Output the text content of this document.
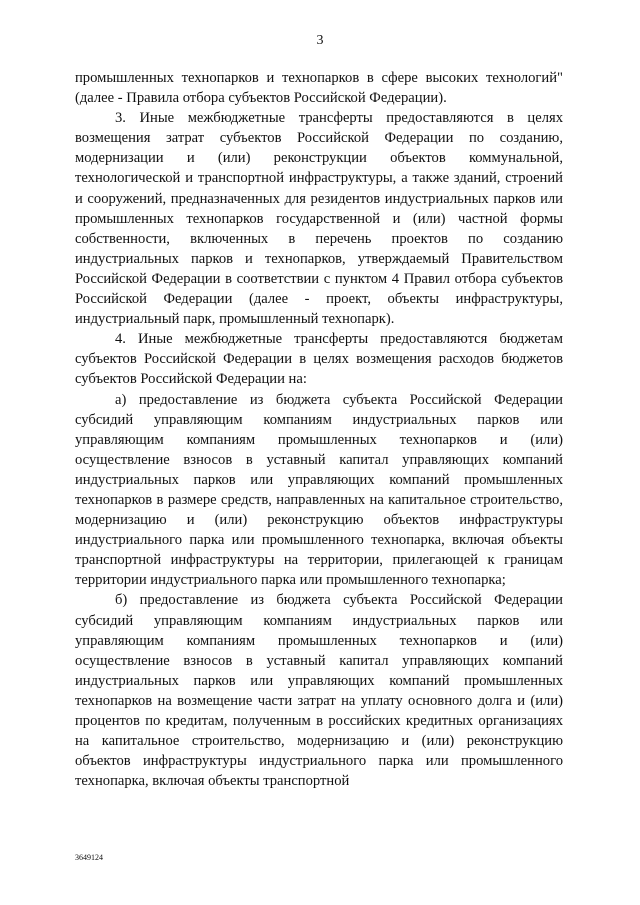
3

промышленных технопарков и технопарков в сфере высоких технологий" (далее - Правила отбора субъектов Российской Федерации).

3. Иные межбюджетные трансферты предоставляются в целях возмещения затрат субъектов Российской Федерации по созданию, модернизации и (или) реконструкции объектов коммунальной, технологической и транспортной инфраструктуры, а также зданий, строений и сооружений, предназначенных для резидентов индустриальных парков или промышленных технопарков государственной и (или) частной формы собственности, включенных в перечень проектов по созданию индустриальных парков и технопарков, утверждаемый Правительством Российской Федерации в соответствии с пунктом 4 Правил отбора субъектов Российской Федерации (далее - проект, объекты инфраструктуры, индустриальный парк, промышленный технопарк).

4. Иные межбюджетные трансферты предоставляются бюджетам субъектов Российской Федерации в целях возмещения расходов бюджетов субъектов Российской Федерации на:

а) предоставление из бюджета субъекта Российской Федерации субсидий управляющим компаниям индустриальных парков или управляющим компаниям промышленных технопарков и (или) осуществление взносов в уставный капитал управляющих компаний индустриальных парков или управляющих компаний промышленных технопарков в размере средств, направленных на капитальное строительство, модернизацию и (или) реконструкцию объектов инфраструктуры индустриального парка или промышленного технопарка, включая объекты транспортной инфраструктуры на территории, прилегающей к границам территории индустриального парка или промышленного технопарка;

б) предоставление из бюджета субъекта Российской Федерации субсидий управляющим компаниям индустриальных парков или управляющим компаниям промышленных технопарков и (или) осуществление взносов в уставный капитал управляющих компаний индустриальных парков или управляющих компаний промышленных технопарков на возмещение части затрат на уплату основного долга и (или) процентов по кредитам, полученным в российских кредитных организациях на капитальное строительство, модернизацию и (или) реконструкцию объектов инфраструктуры индустриального парка или промышленного технопарка, включая объекты транспортной

3649124
